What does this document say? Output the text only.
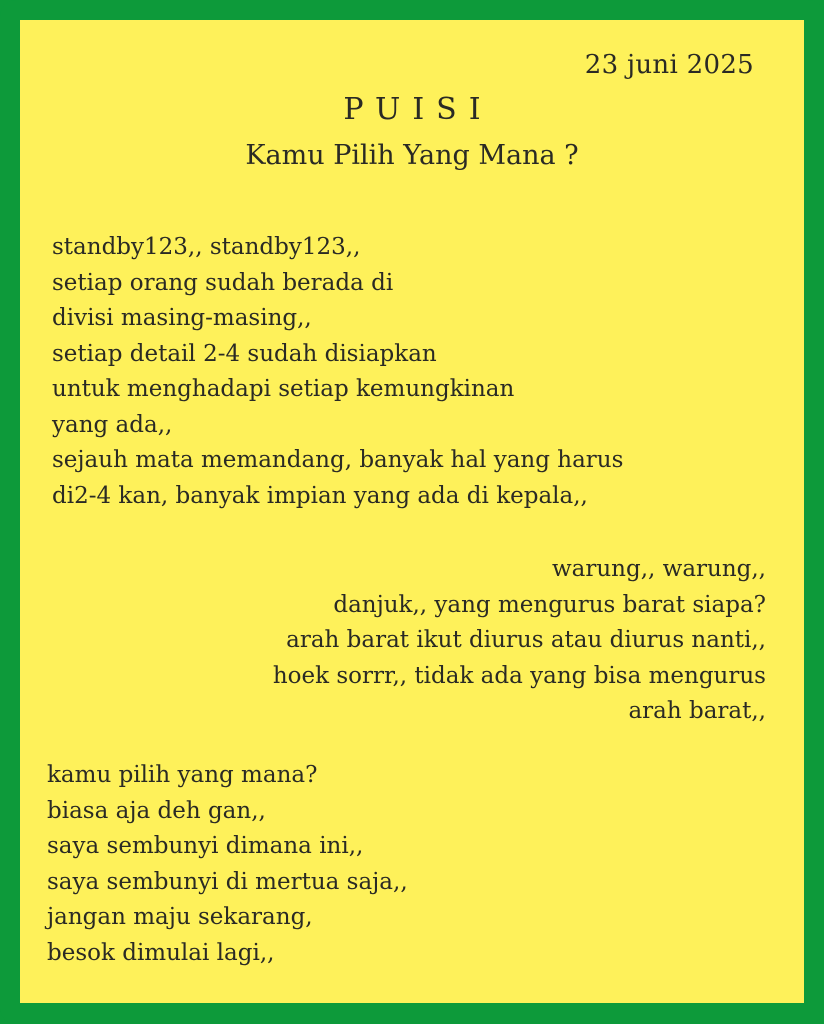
23 juni 2025
PUISI
Kamu Pilih Yang Mana ?
standby123,, standby123,,
setiap orang sudah berada di
divisi masing-masing,,
setiap detail 2-4 sudah disiapkan
untuk menghadapi setiap kemungkinan
yang ada,,
sejauh mata memandang, banyak hal yang harus
di2-4 kan, banyak impian yang ada di kepala,,
warung,, warung,,
danjuk,, yang mengurus barat siapa?
arah barat ikut diurus atau diurus nanti,,
hoek sorrr,, tidak ada yang bisa mengurus
arah barat,,
kamu pilih yang mana?
biasa aja deh gan,,
saya sembunyi dimana ini,,
saya sembunyi di mertua saja,,
jangan maju sekarang,
besok dimulai lagi,,
